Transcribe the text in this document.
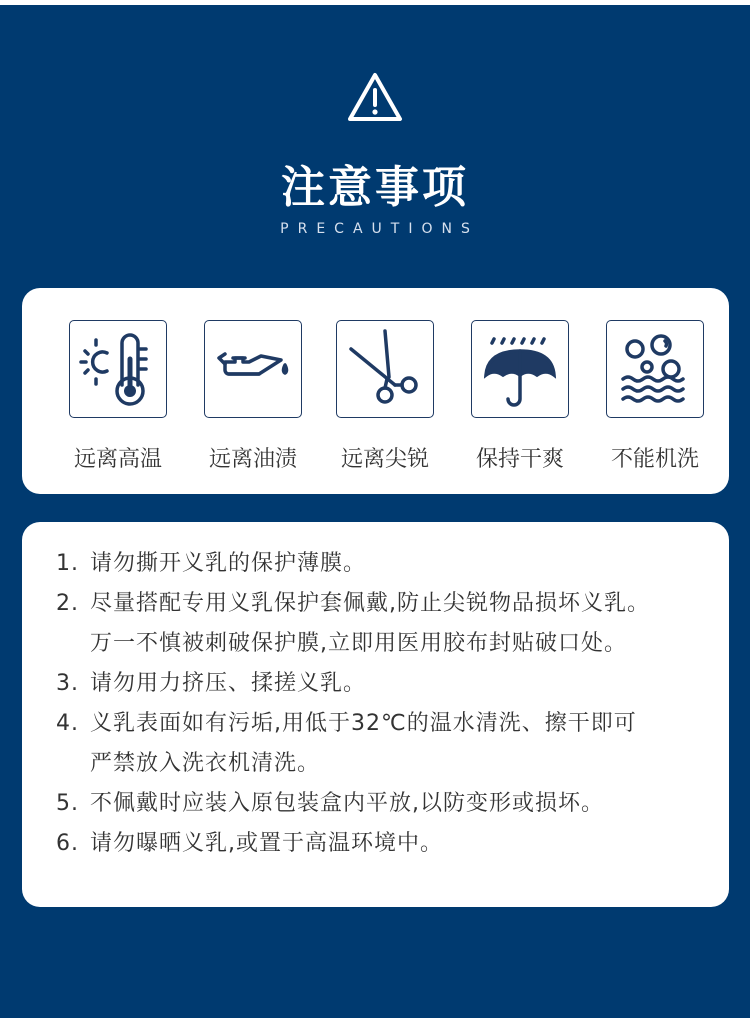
注意事项
PRECAUTIONS
远离高温	远离油渍	远离尖锐	保持干爽	不能机洗
1. 请勿撕开义乳的保护薄膜。
2. 尽量搭配专用义乳保护套佩戴,防止尖锐物品损坏义乳。
万一不慎被刺破保护膜,立即用医用胶布封贴破口处。
3. 请勿用力挤压、揉搓义乳。
4. 义乳表面如有污垢,用低于32℃的温水清洗、擦干即可
严禁放入洗衣机清洗。
5. 不佩戴时应装入原包装盒内平放,以防变形或损坏。
6. 请勿曝晒义乳,或置于高温环境中。
